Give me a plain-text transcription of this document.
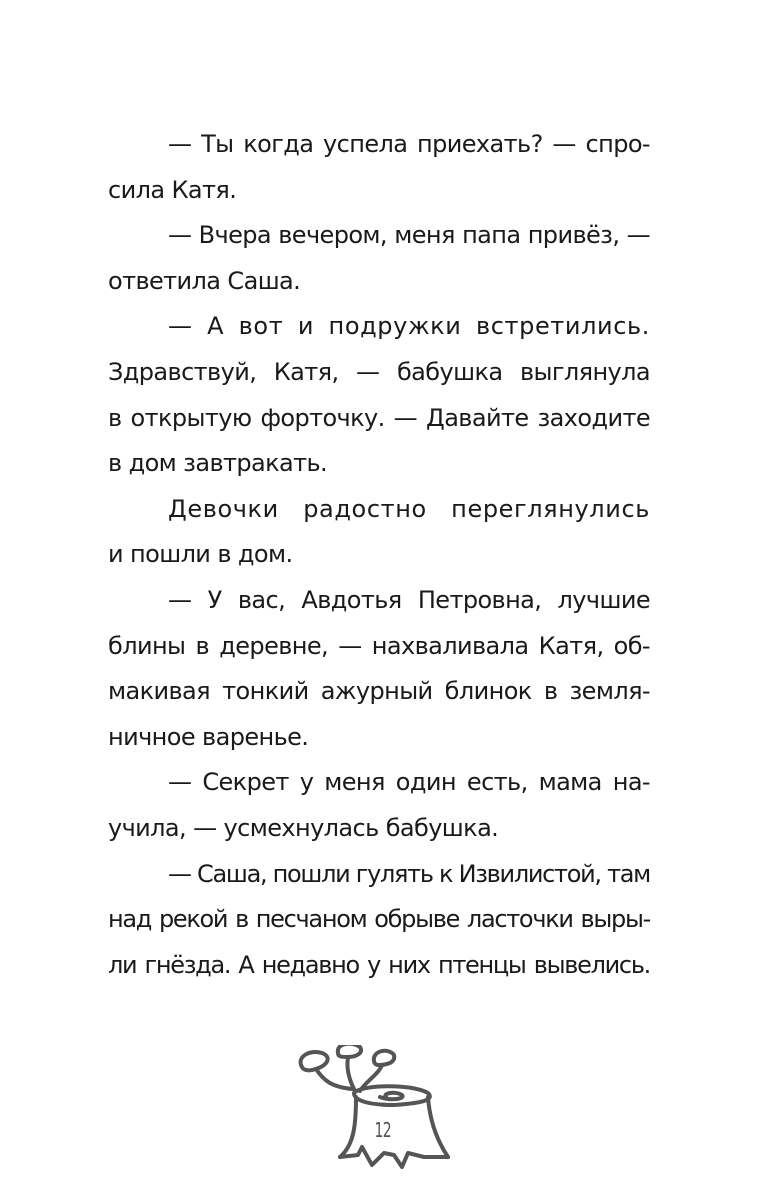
— Ты когда успела приехать? — спро-
сила Катя.
— Вчера вечером, меня папа привёз, —
ответила Саша.
— А вот и подружки встретились.
Здравствуй, Катя, — бабушка выглянула
в открытую форточку. — Давайте заходите
в дом завтракать.
Девочки радостно переглянулись
и пошли в дом.
— У вас, Авдотья Петровна, лучшие
блины в деревне, — нахваливала Катя, об-
макивая тонкий ажурный блинок в земля-
ничное варенье.
— Секрет у меня один есть, мама на-
учила, — усмехнулась бабушка.
— Саша, пошли гулять к Извилистой, там
над рекой в песчаном обрыве ласточки выры-
ли гнёзда. А недавно у них птенцы вывелись.
12
